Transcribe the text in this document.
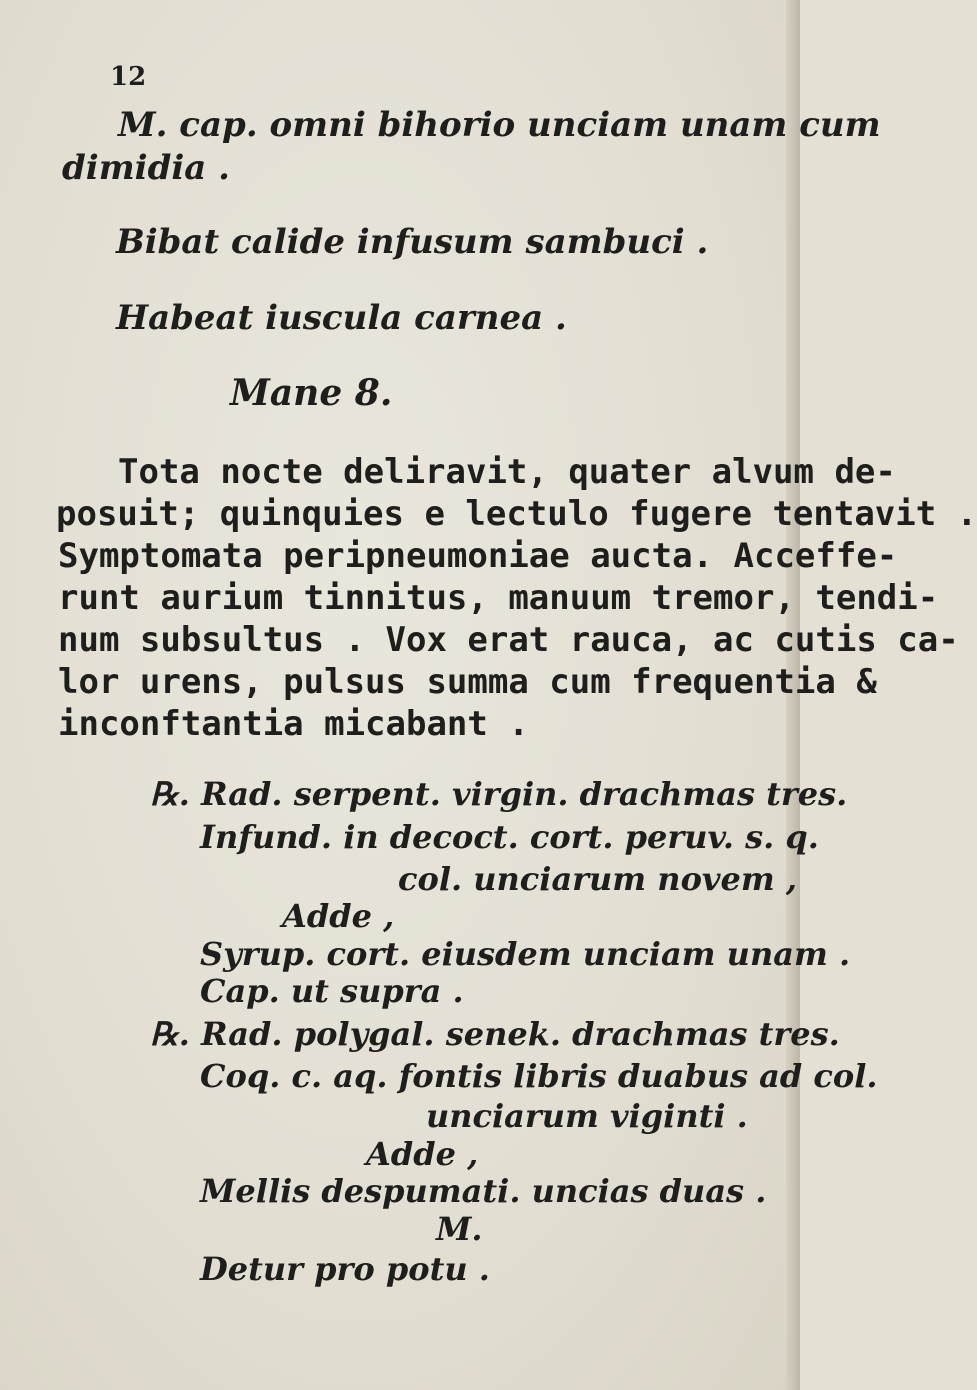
12

M. cap. omni bihorio unciam unam cum

dimidia .

Bibat calide infusum sambuci .

Habeat iuscula carnea .

Mane 8.

Tota nocte deliravit, quater alvum de-

posuit; quinquies e lectulo fugere tentavit .

Symptomata peripneumoniae aucta. Acceffe-

runt aurium tinnitus, manuum tremor, tendi-

num subsultus . Vox erat rauca, ac cutis ca-

lor urens, pulsus summa cum frequentia &

inconftantia micabant .

℞. Rad. serpent. virgin. drachmas tres.

Infund. in decoct. cort. peruv. s. q.

col. unciarum novem ,

Adde ,

Syrup. cort. eiusdem unciam unam .

Cap. ut supra .

℞. Rad. polygal. senek. drachmas tres.

Coq. c. aq. fontis libris duabus ad col.

unciarum viginti .

Adde ,

Mellis despumati. uncias duas .

M.

Detur pro potu .
